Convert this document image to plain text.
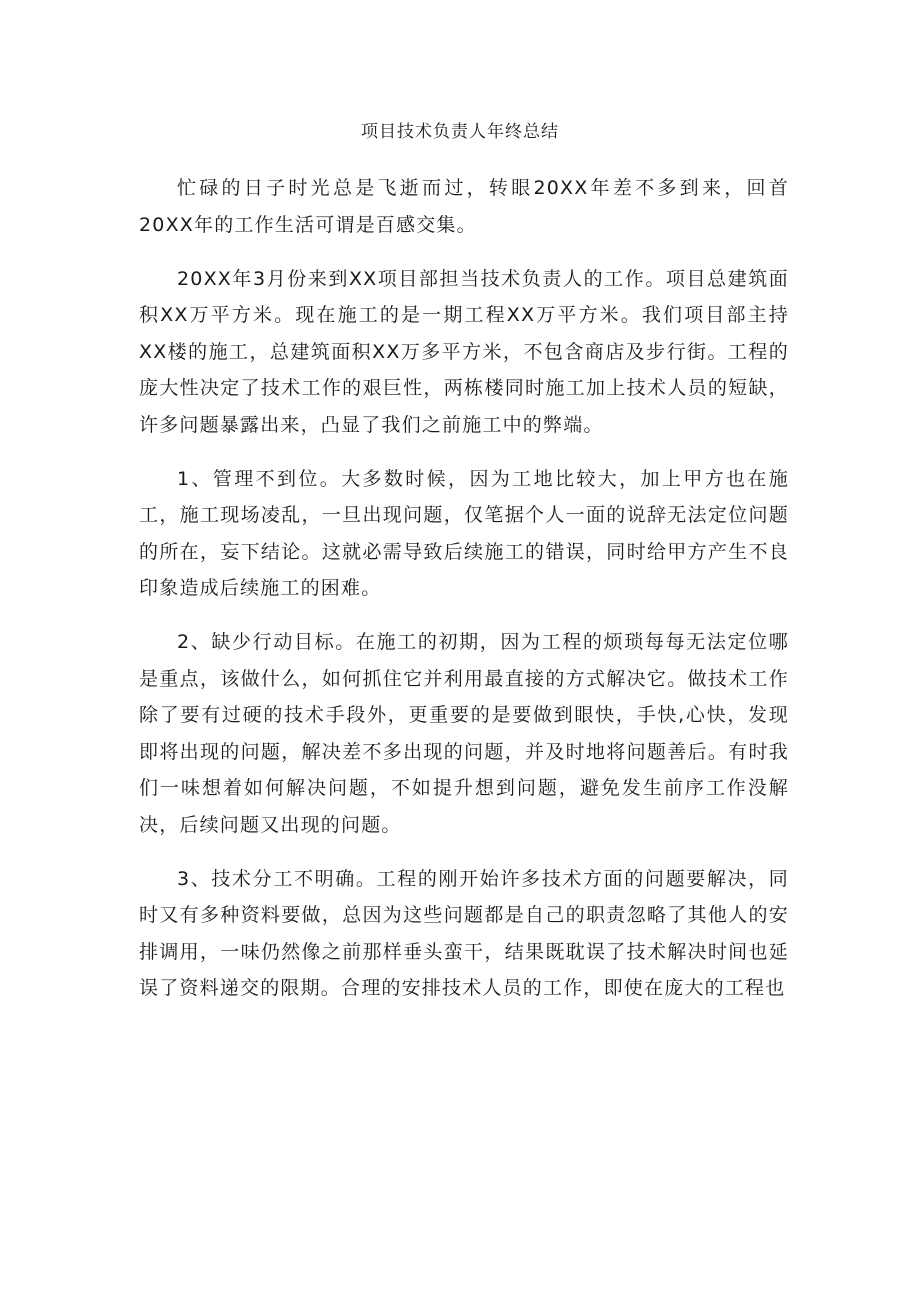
项目技术负责人年终总结

忙碌的日子时光总是飞逝而过，转眼20XX年差不多到来，回首20XX年的工作生活可谓是百感交集。

20XX年3月份来到XX项目部担当技术负责人的工作。项目总建筑面积XX万平方米。现在施工的是一期工程XX万平方米。我们项目部主持XX楼的施工，总建筑面积XX万多平方米，不包含商店及步行街。工程的庞大性决定了技术工作的艰巨性，两栋楼同时施工加上技术人员的短缺，许多问题暴露出来，凸显了我们之前施工中的弊端。

1、管理不到位。大多数时候，因为工地比较大，加上甲方也在施工，施工现场凌乱，一旦出现问题，仅笔据个人一面的说辞无法定位问题的所在，妄下结论。这就必需导致后续施工的错误，同时给甲方产生不良印象造成后续施工的困难。

2、缺少行动目标。在施工的初期，因为工程的烦琐每每无法定位哪是重点，该做什么，如何抓住它并利用最直接的方式解决它。做技术工作除了要有过硬的技术手段外，更重要的是要做到眼快，手快,心快，发现即将出现的问题，解决差不多出现的问题，并及时地将问题善后。有时我们一味想着如何解决问题，不如提升想到问题，避免发生前序工作没解决，后续问题又出现的问题。

3、技术分工不明确。工程的刚开始许多技术方面的问题要解决，同时又有多种资料要做，总因为这些问题都是自己的职责忽略了其他人的安排调用，一味仍然像之前那样垂头蛮干，结果既耽误了技术解决时间也延误了资料递交的限期。合理的安排技术人员的工作，即使在庞大的工程也
